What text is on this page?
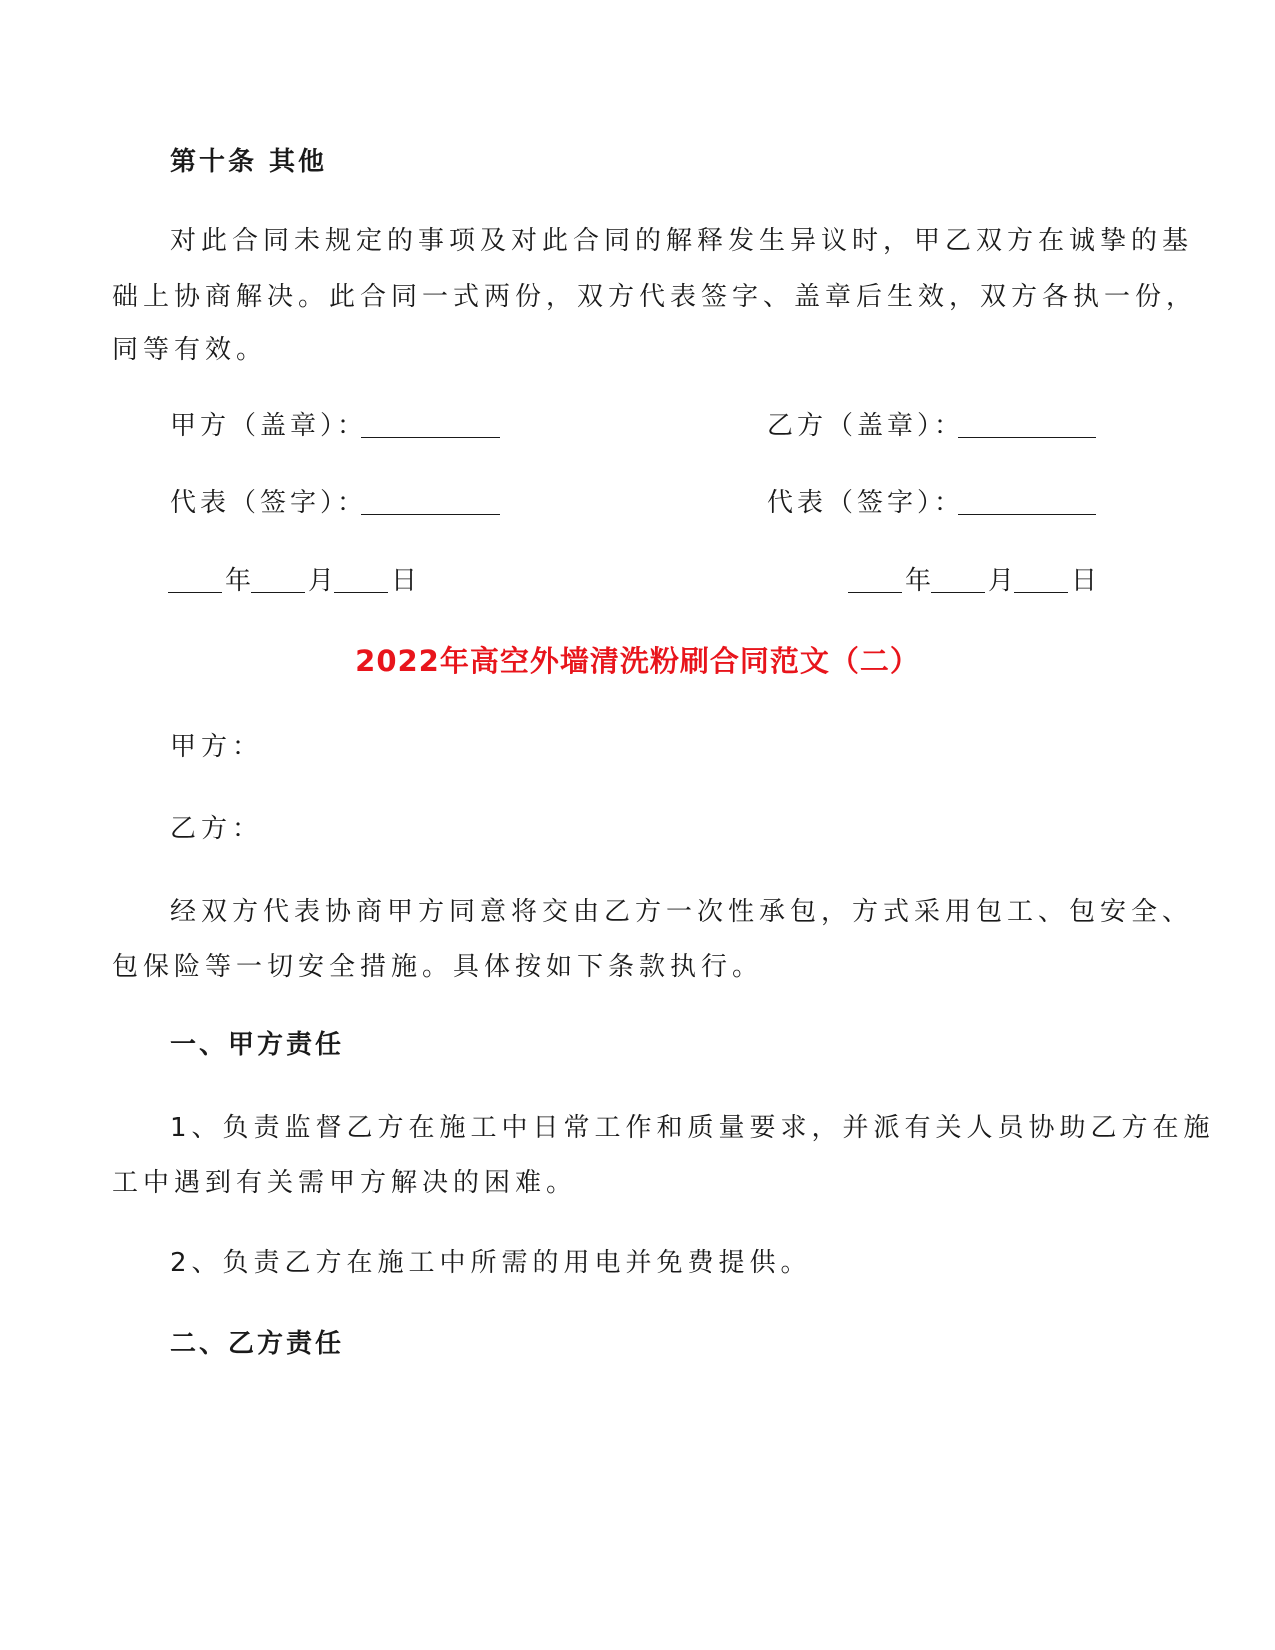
第十条 其他
对此合同未规定的事项及对此合同的解释发生异议时，甲乙双方在诚挚的基
础上协商解决。此合同一式两份，双方代表签字、盖章后生效，双方各执一份，
同等有效。
甲方（盖章）：	乙方（盖章）：
代表（签字）：	代表（签字）：
年 月 日	年 月 日
2022年高空外墙清洗粉刷合同范文（二）
甲方：
乙方：
经双方代表协商甲方同意将交由乙方一次性承包，方式采用包工、包安全、
包保险等一切安全措施。具体按如下条款执行。
一、甲方责任
1、负责监督乙方在施工中日常工作和质量要求，并派有关人员协助乙方在施
工中遇到有关需甲方解决的困难。
2、负责乙方在施工中所需的用电并免费提供。
二、乙方责任
